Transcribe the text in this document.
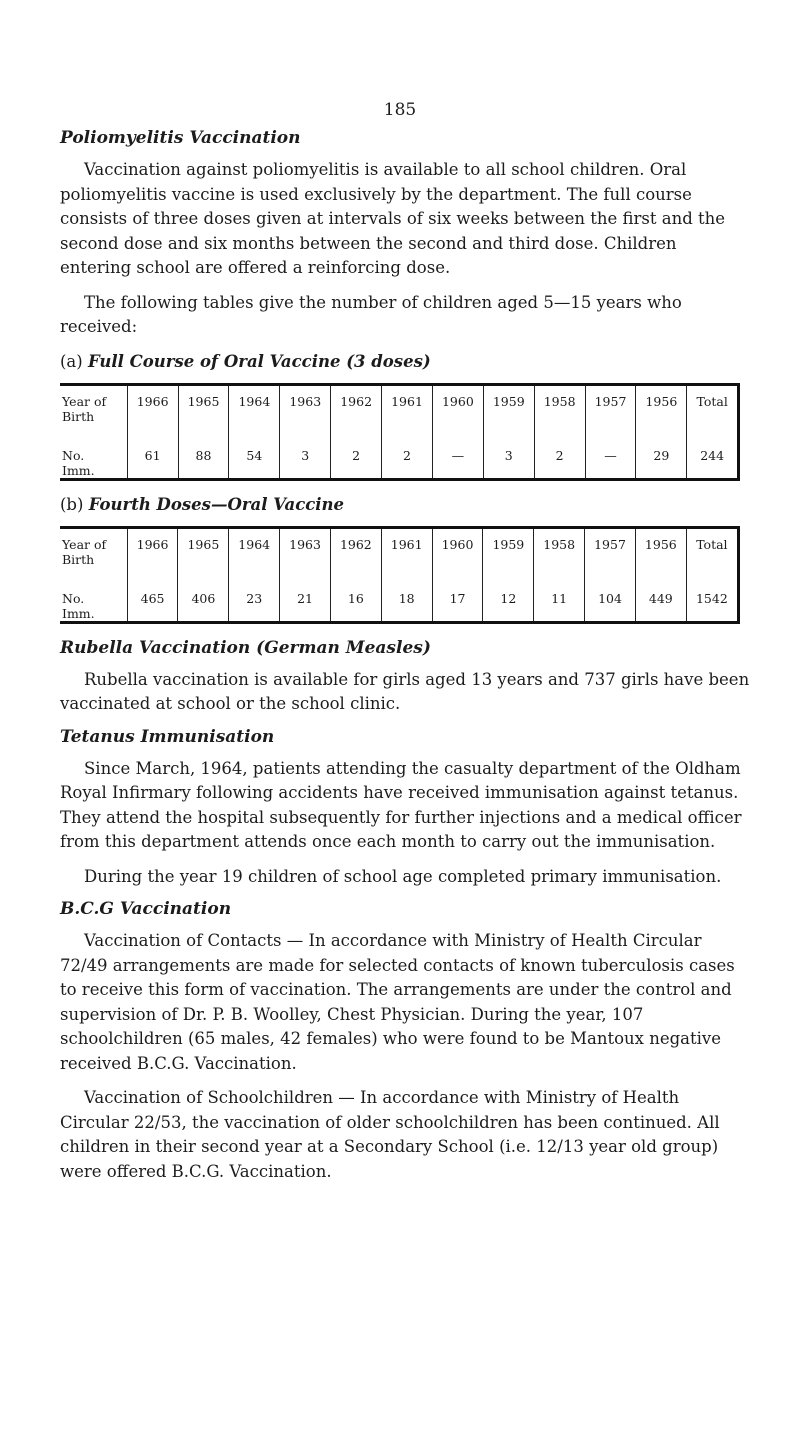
185
Poliomyelitis Vaccination

Vaccination against poliomyelitis is available to all school children. Oral poliomyelitis vaccine is used exclusively by the department. The full course consists of three doses given at intervals of six weeks between the first and the second dose and six months between the second and third dose. Children entering school are offered a reinforcing dose.

The following tables give the number of children aged 5—15 years who received:

(a) Full Course of Oral Vaccine (3 doses)
Year of
Birth	1966	1965	1964	1963	1962	1961	1960	1959	1958	1957	1956	Total

No.
Imm.	61	88	54	3	2	2	—	3	2	—	29	244
(b) Fourth Doses—Oral Vaccine
Year of
Birth	1966	1965	1964	1963	1962	1961	1960	1959	1958	1957	1956	Total

No.
Imm.	465	406	23	21	16	18	17	12	11	104	449	1542
Rubella Vaccination (German Measles)

Rubella vaccination is available for girls aged 13 years and 737 girls have been vaccinated at school or the school clinic.

Tetanus Immunisation

Since March, 1964, patients attending the casualty department of the Oldham Royal Infirmary following accidents have received immunisation against tetanus. They attend the hospital subsequently for further injections and a medical officer from this department attends once each month to carry out the immunisation.

During the year 19 children of school age completed primary immunisation.

B.C.G Vaccination

Vaccination of Contacts — In accordance with Ministry of Health Circular 72/49 arrangements are made for selected contacts of known tuberculosis cases to receive this form of vaccination. The arrangements are under the control and supervision of Dr. P. B. Woolley, Chest Physician. During the year, 107 schoolchildren (65 males, 42 females) who were found to be Mantoux negative received B.C.G. Vaccination.

Vaccination of Schoolchildren — In accordance with Ministry of Health Circular 22/53, the vaccination of older schoolchildren has been continued. All children in their second year at a Secondary School (i.e. 12/13 year old group) were offered B.C.G. Vaccination.
